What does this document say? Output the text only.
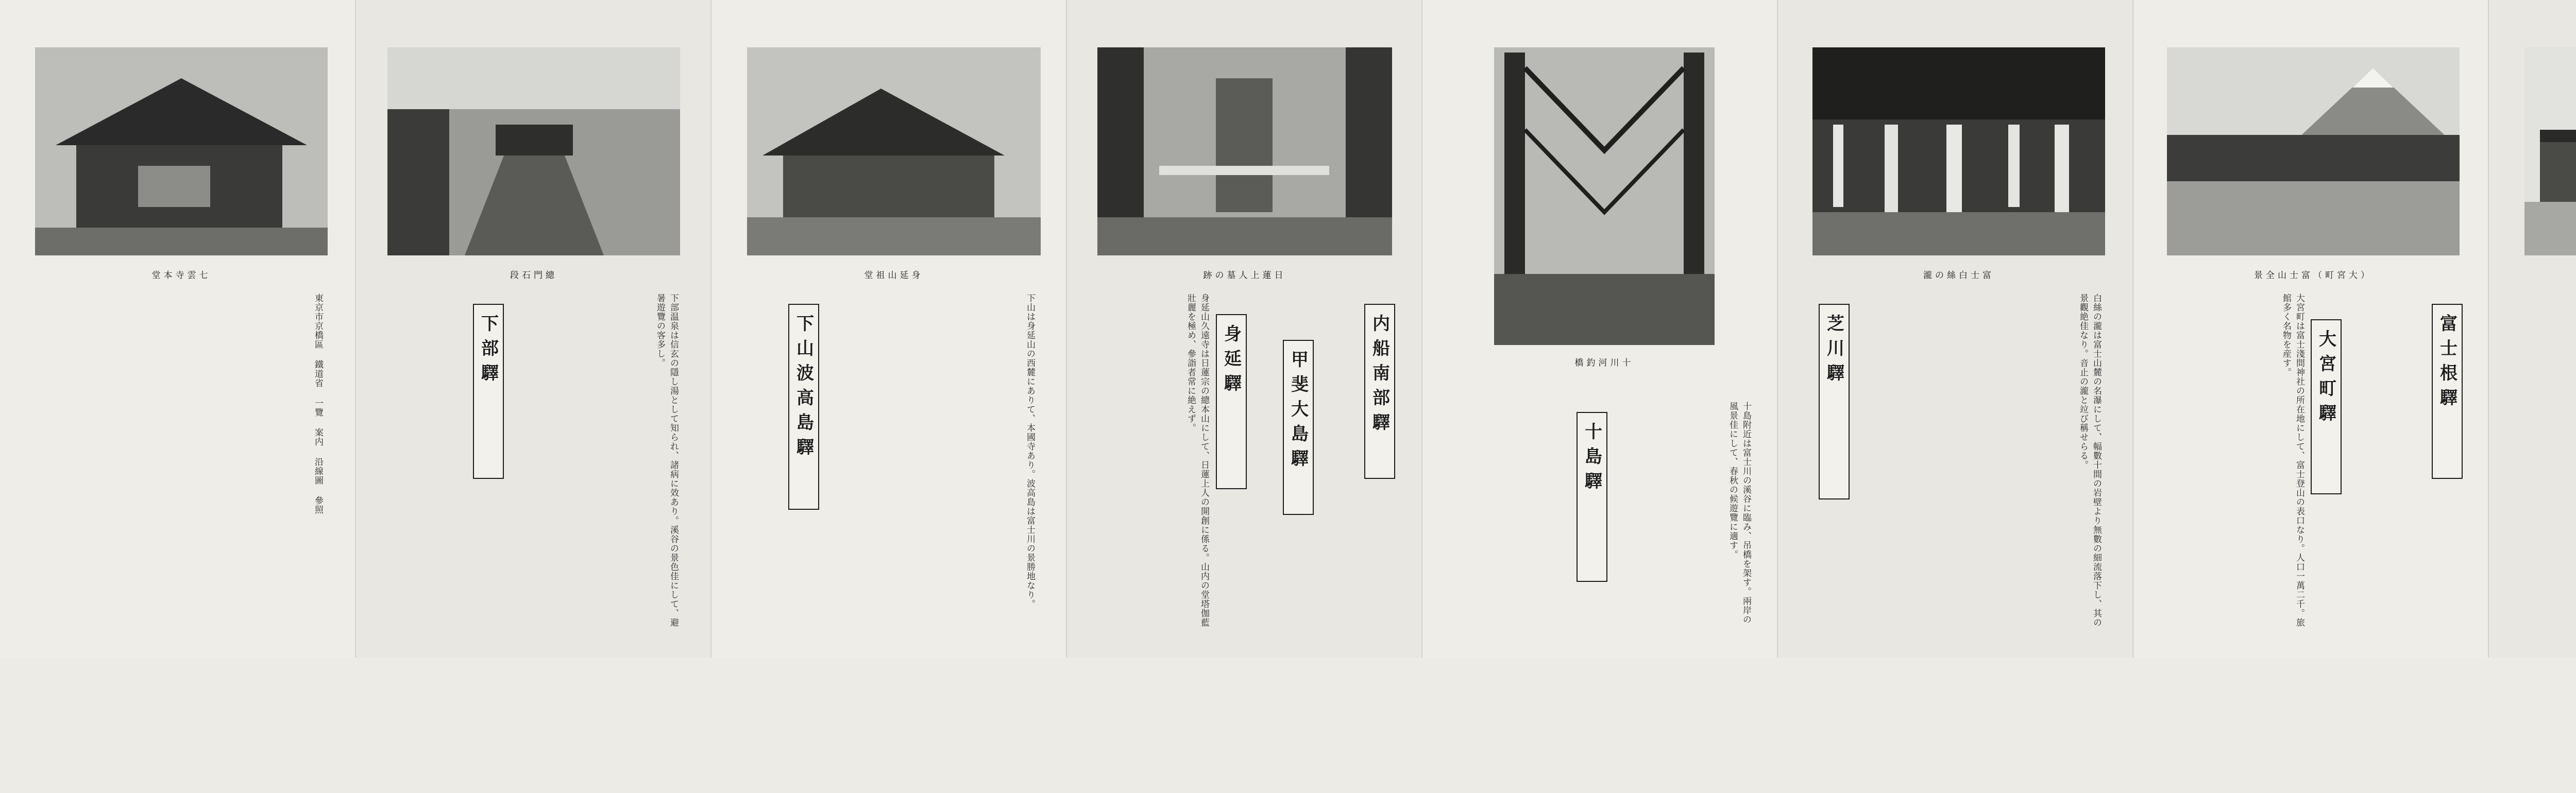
堂本寺雲七
東京市京橋區 鐵道省 一覽 案内 沿線圖 參照
段石門總
下部驛	下部温泉は信玄の隱し湯として知られ、諸病に效あり。溪谷の景色佳にして、避暑遊覽の客多し。
堂祖山延身
下山波高島驛	下山は身延山の西麓にありて、本國寺あり。波高島は富士川の景勝地なり。
跡の墓人上蓮日
内船南部驛
甲斐大島驛
身延驛
身延山久遠寺は日蓮宗の總本山にして、日蓮上人の開創に係る。山内の堂塔伽藍壯麗を極め、參詣者常に絶えず。	橋釣河川十
十島驛	十島附近は富士川の溪谷に臨み、吊橋を架す。兩岸の風景佳にして、春秋の候遊覽に適す。
瀧の絲白士富
芝川驛	白絲の瀧は富士山麓の名瀑にして、幅數十間の岩壁より無數の細流落下し、其の景觀絶佳なり。音止の瀧と竝び稱せらる。
（町宮大）景全山士富
富士根驛
大宮町驛
大宮町は富士淺間神社の所在地にして、富士登山の表口なり。人口一萬二千。旅館多く名物を産す。
